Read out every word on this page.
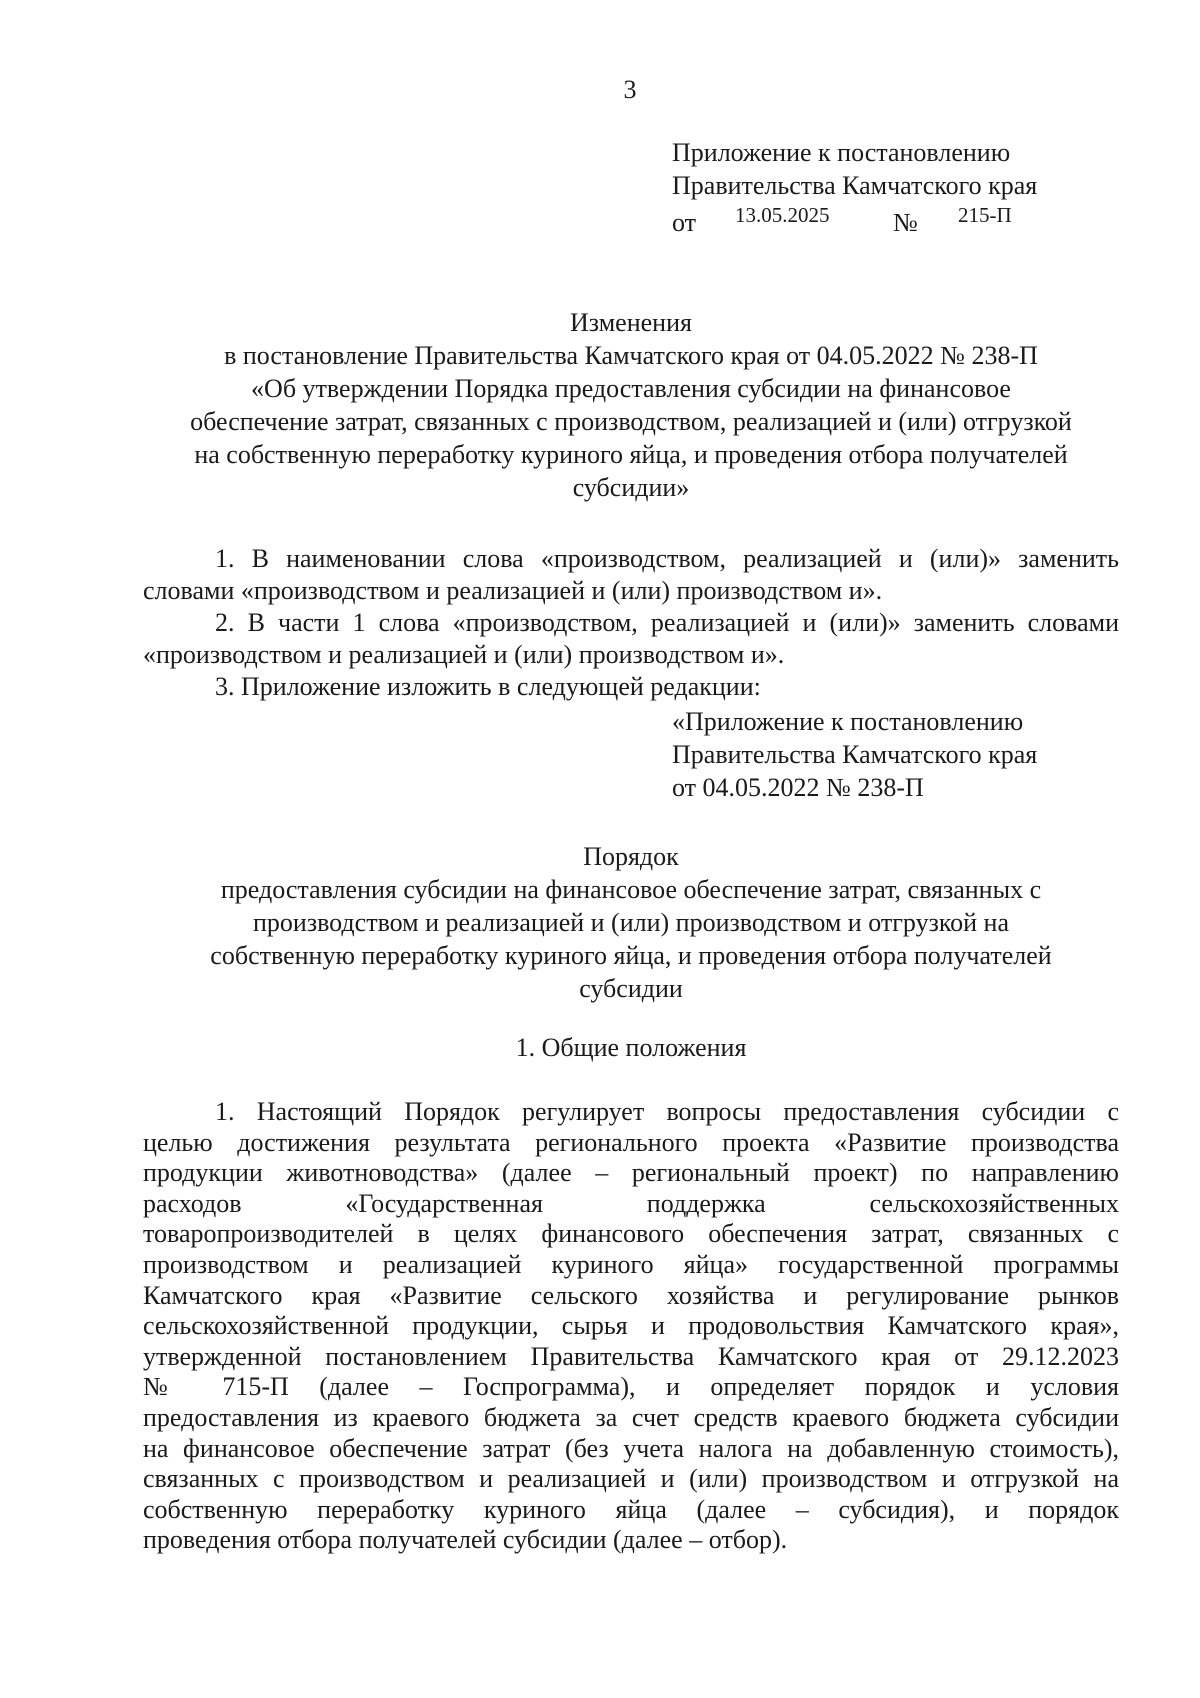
3
Приложение к постановлению
Правительства Камчатского края
от 13.05.2025 № 215-П
Изменения
в постановление Правительства Камчатского края от 04.05.2022 № 238-П
«Об утверждении Порядка предоставления субсидии на финансовое
обеспечение затрат, связанных с производством, реализацией и (или) отгрузкой
на собственную переработку куриного яйца, и проведения отбора получателей
субсидии»
1. В наименовании слова «производством, реализацией и (или)» заменить
словами «производством и реализацией и (или) производством и».
2. В части 1 слова «производством, реализацией и (или)» заменить словами
«производством и реализацией и (или) производством и».
3. Приложение изложить в следующей редакции:
«Приложение к постановлению
Правительства Камчатского края
от 04.05.2022 № 238-П
Порядок
предоставления субсидии на финансовое обеспечение затрат, связанных с
производством и реализацией и (или) производством и отгрузкой на
собственную переработку куриного яйца, и проведения отбора получателей
субсидии
1. Общие положения
1. Настоящий Порядок регулирует вопросы предоставления субсидии с
целью достижения результата регионального проекта «Развитие производства
продукции животноводства» (далее – региональный проект) по направлению
расходов «Государственная поддержка сельскохозяйственных
товаропроизводителей в целях финансового обеспечения затрат, связанных с
производством и реализацией куриного яйца» государственной программы
Камчатского края «Развитие сельского хозяйства и регулирование рынков
сельскохозяйственной продукции, сырья и продовольствия Камчатского края»,
утвержденной постановлением Правительства Камчатского края от 29.12.2023
№ 715-П (далее – Госпрограмма), и определяет порядок и условия
предоставления из краевого бюджета за счет средств краевого бюджета субсидии
на финансовое обеспечение затрат (без учета налога на добавленную стоимость),
связанных с производством и реализацией и (или) производством и отгрузкой на
собственную переработку куриного яйца (далее – субсидия), и порядок
проведения отбора получателей субсидии (далее – отбор).
